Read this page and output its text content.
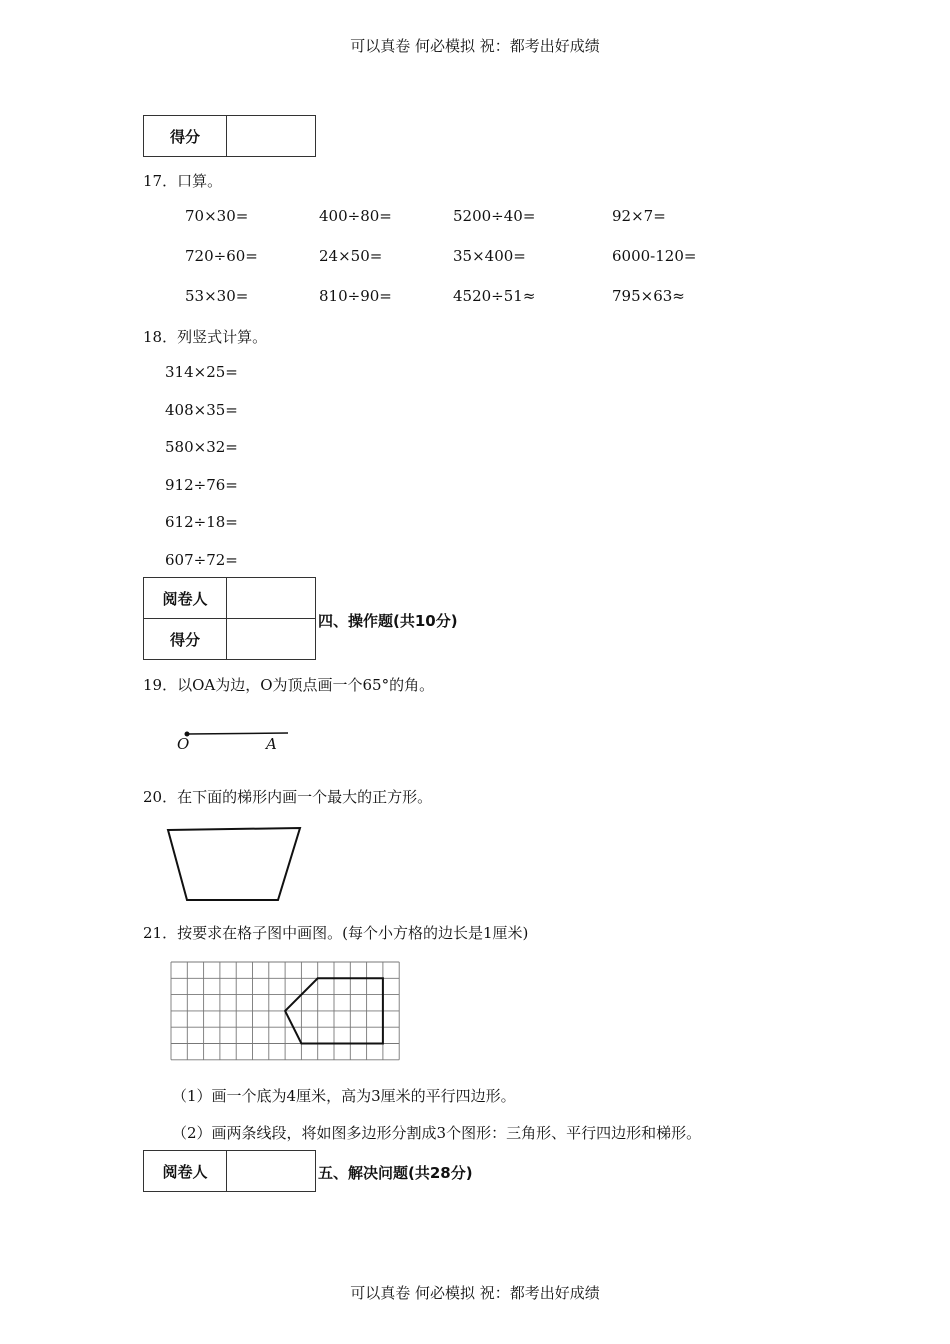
可以真卷 何必模拟 祝：都考出好成绩
得分	
17．口算。
70×30=	400÷80=	5200÷40=	92×7=
720÷60=	24×50=	35×400=	6000-120=
53×30=	810÷90=	4520÷51≈	795×63≈
18．列竖式计算。
314×25=
408×35=
580×32=
912÷76=
612÷18=
607÷72=
阅卷人	
得分	
四、操作题(共10分)
19．以OA为边，O为顶点画一个65°的角。
O	A
20．在下面的梯形内画一个最大的正方形。
21．按要求在格子图中画图。(每个小方格的边长是1厘米)
（1）画一个底为4厘米，高为3厘米的平行四边形。
（2）画两条线段，将如图多边形分割成3个图形：三角形、平行四边形和梯形。
阅卷人		五、解决问题(共28分)
可以真卷 何必模拟 祝：都考出好成绩
